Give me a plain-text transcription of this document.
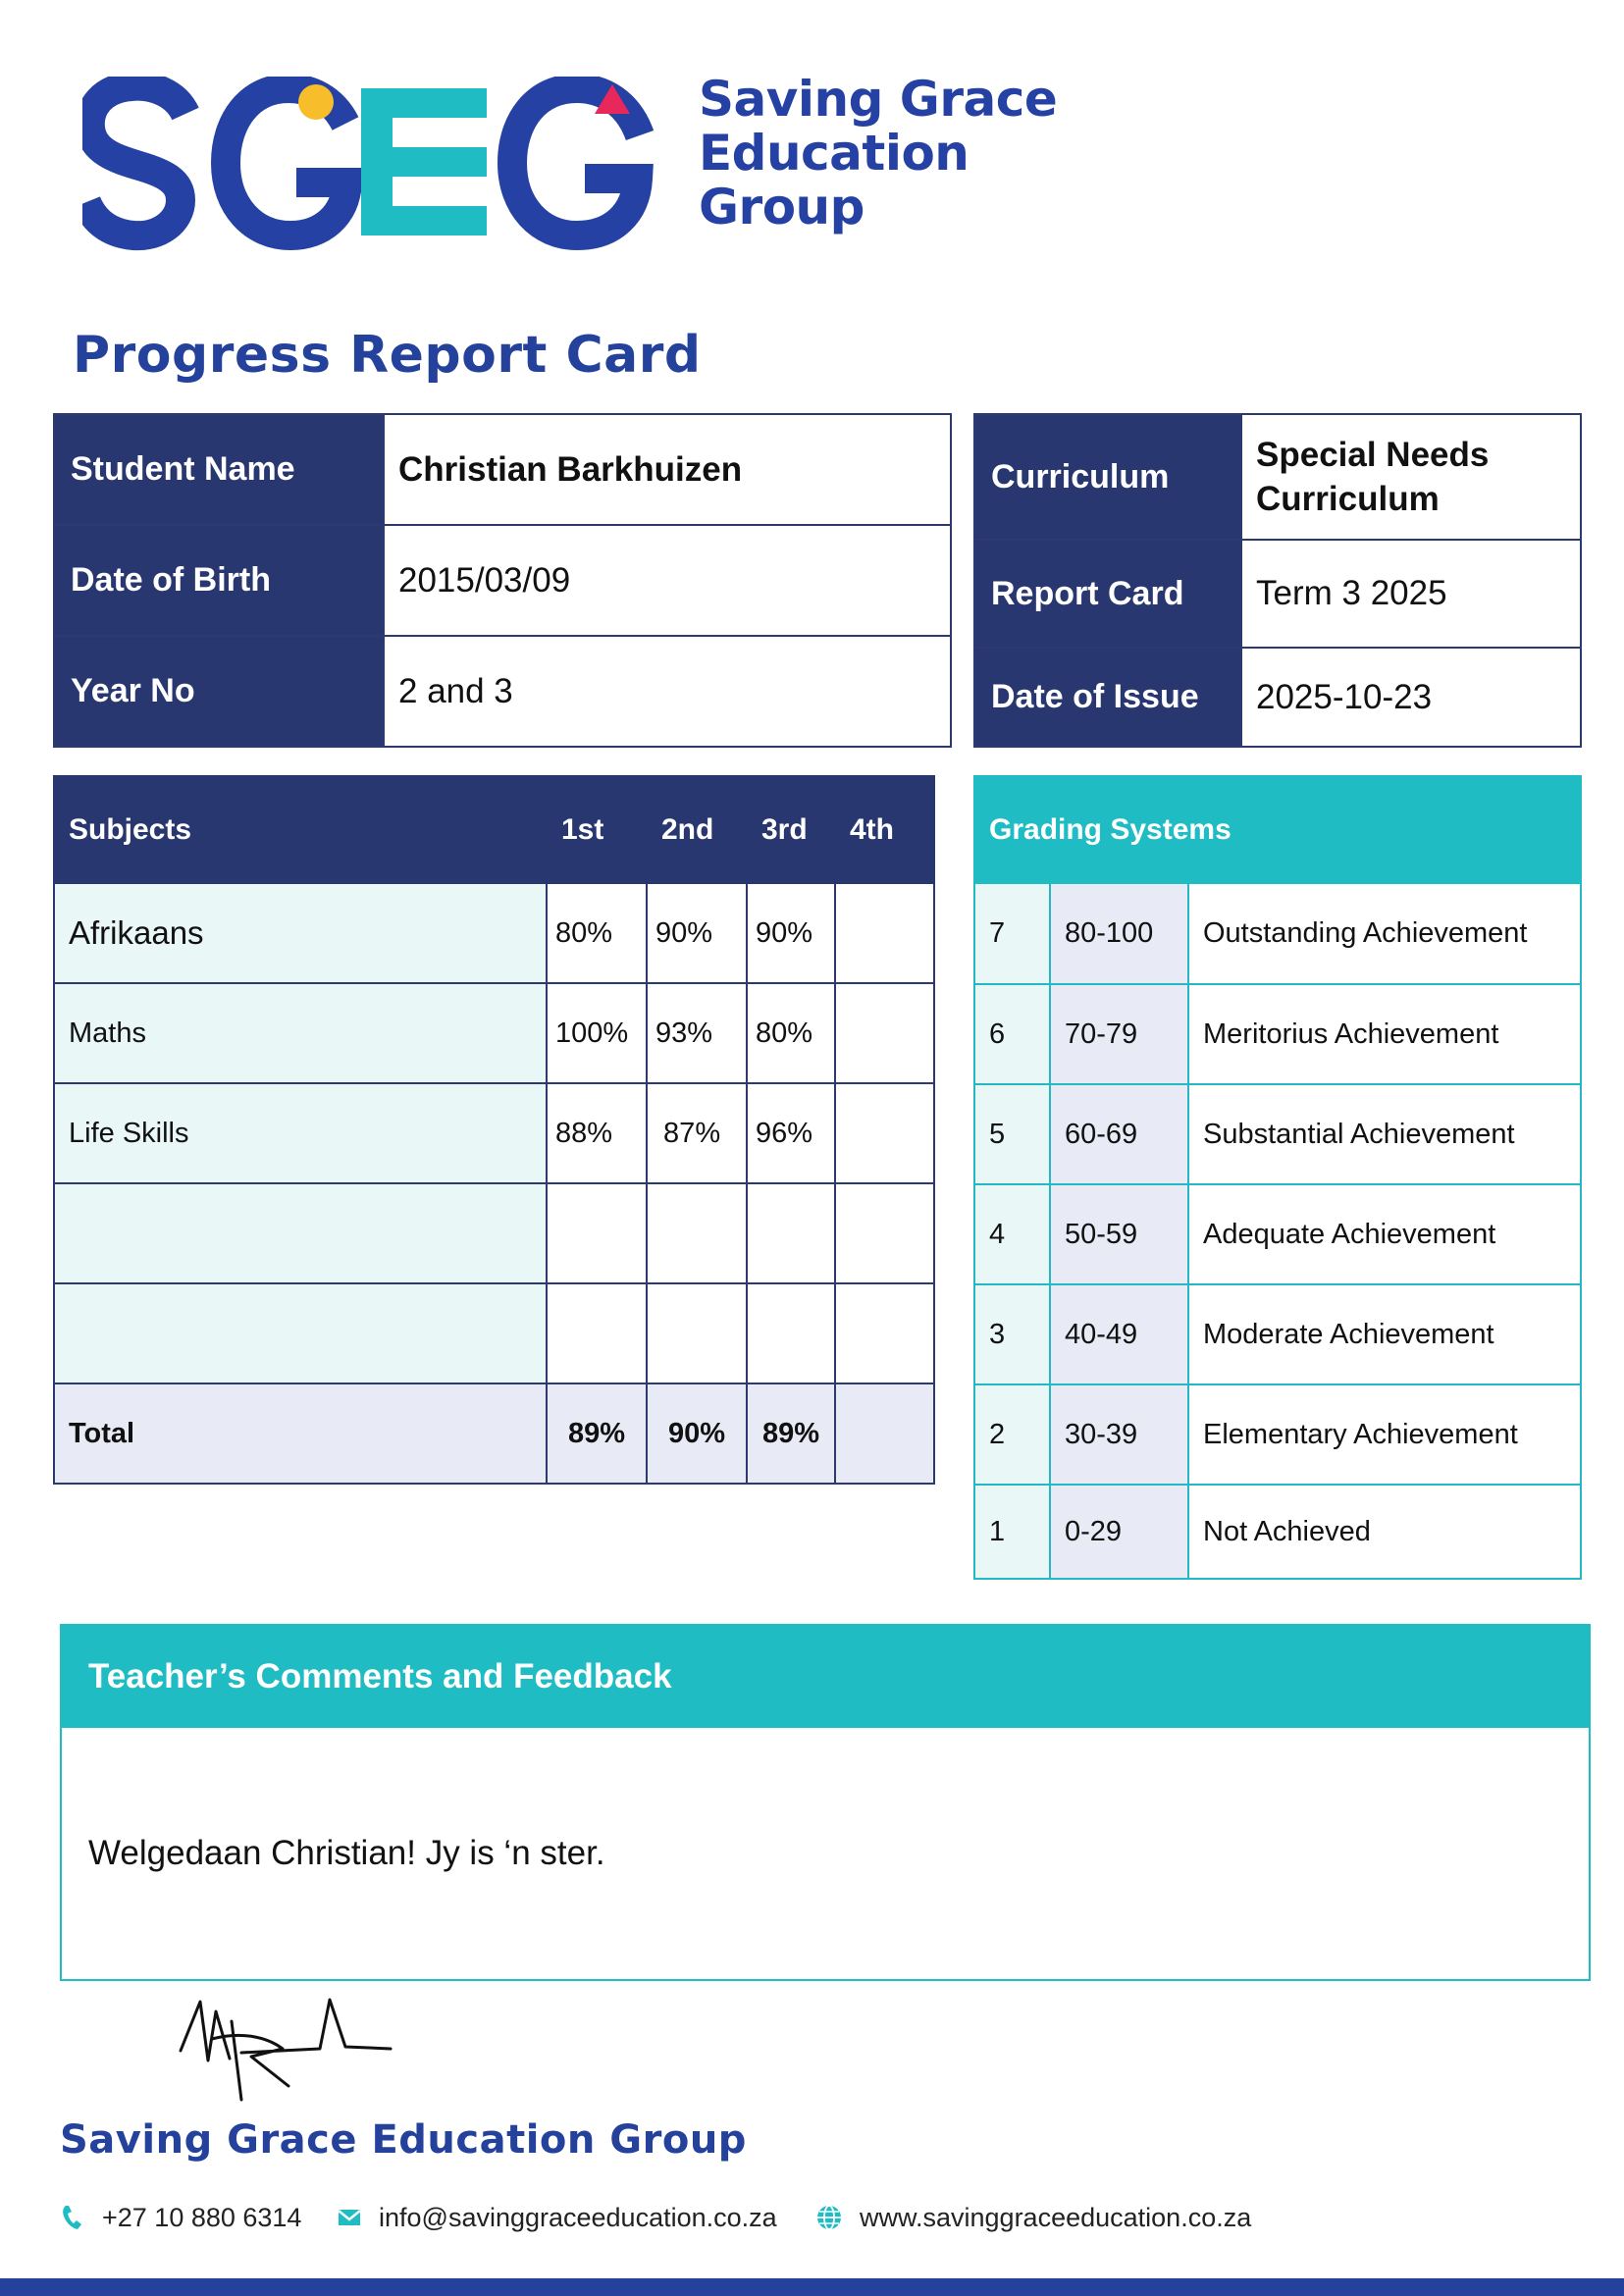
Saving Grace
Education
Group
Progress Report Card
Student Name	Christian Barkhuizen
Date of Birth	2015/03/09
Year No	2 and 3
Curriculum	Special Needs Curriculum
Report Card	Term 3 2025
Date of Issue	2025-10-23
Subjects	1st	2nd	3rd	4th
Afrikaans	80%	90%	90%	
Maths	100%	93%	80%	
Life Skills	88%	87%	96%	

Total	89%	90%	89%	
Grading Systems		
7	80-100	Outstanding Achievement
6	70-79	Meritorius Achievement
5	60-69	Substantial Achievement
4	50-59	Adequate Achievement
3	40-49	Moderate Achievement
2	30-39	Elementary Achievement
1	0-29	Not Achieved
Teacher’s Comments and Feedback
Welgedaan Christian! Jy is ‘n ster.
Saving Grace Education Group
+27 10 880 6314	info@savinggraceeducation.co.za	www.savinggraceeducation.co.za
